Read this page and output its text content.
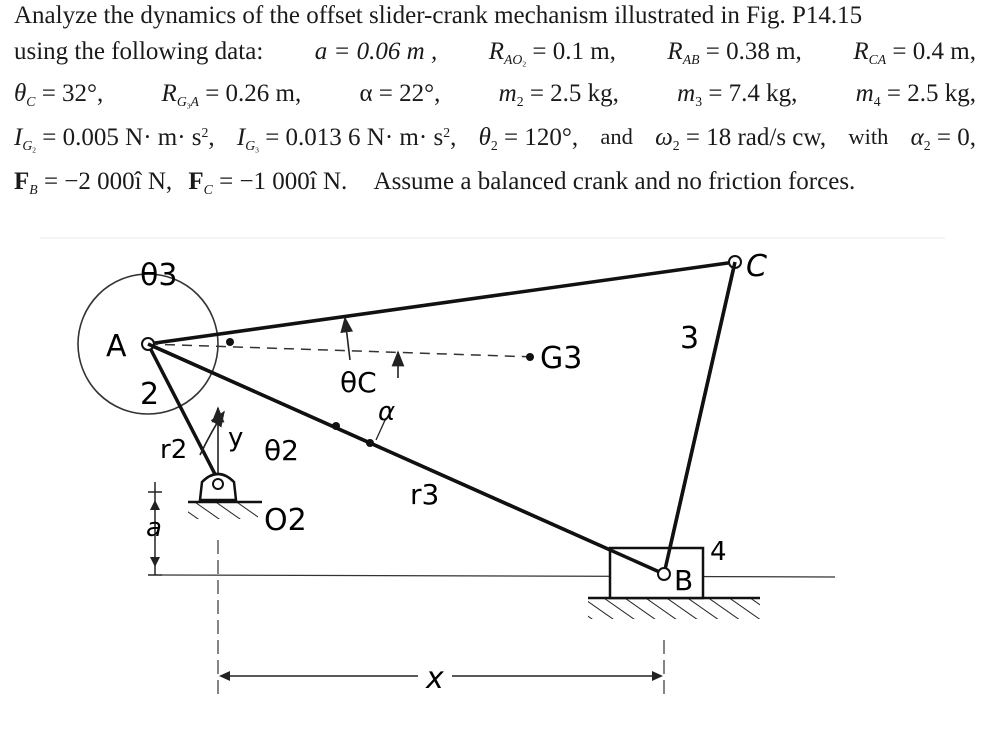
Analyze the dynamics of the offset slider-crank mechanism illustrated in Fig. P14.15
using the following data: a = 0.06 m , $R_{AO_2} = 0.1$ m, $R_{AB} = 0.38$ m, $R_{CA} = 0.4$ m,
$\theta_C = 32^\circ$, $R_{G_3A} = 0.26$ m, α = 22°, $m_2 = 2.5$ kg, $m_3 = 7.4$ kg, $m_4 = 2.5$ kg,
$I_{G_2} = 0.005$ $N\cdot m\cdot s^2$, $I_{G_3} = 0.013$ 6 $N\cdot m\cdot s^2$, $\theta_2 = 120^\circ$, and $\omega_2 = 18$ rad/s cw, with $\alpha_2 = 0$,
$F_B = -2$ 000î N, $F_C = -1$ 000î N. Assume a balanced crank and no friction forces.
θ3
A
C
3
G3
2	θC
α
r2 y θ2
O2
r3
a
B
4
x
